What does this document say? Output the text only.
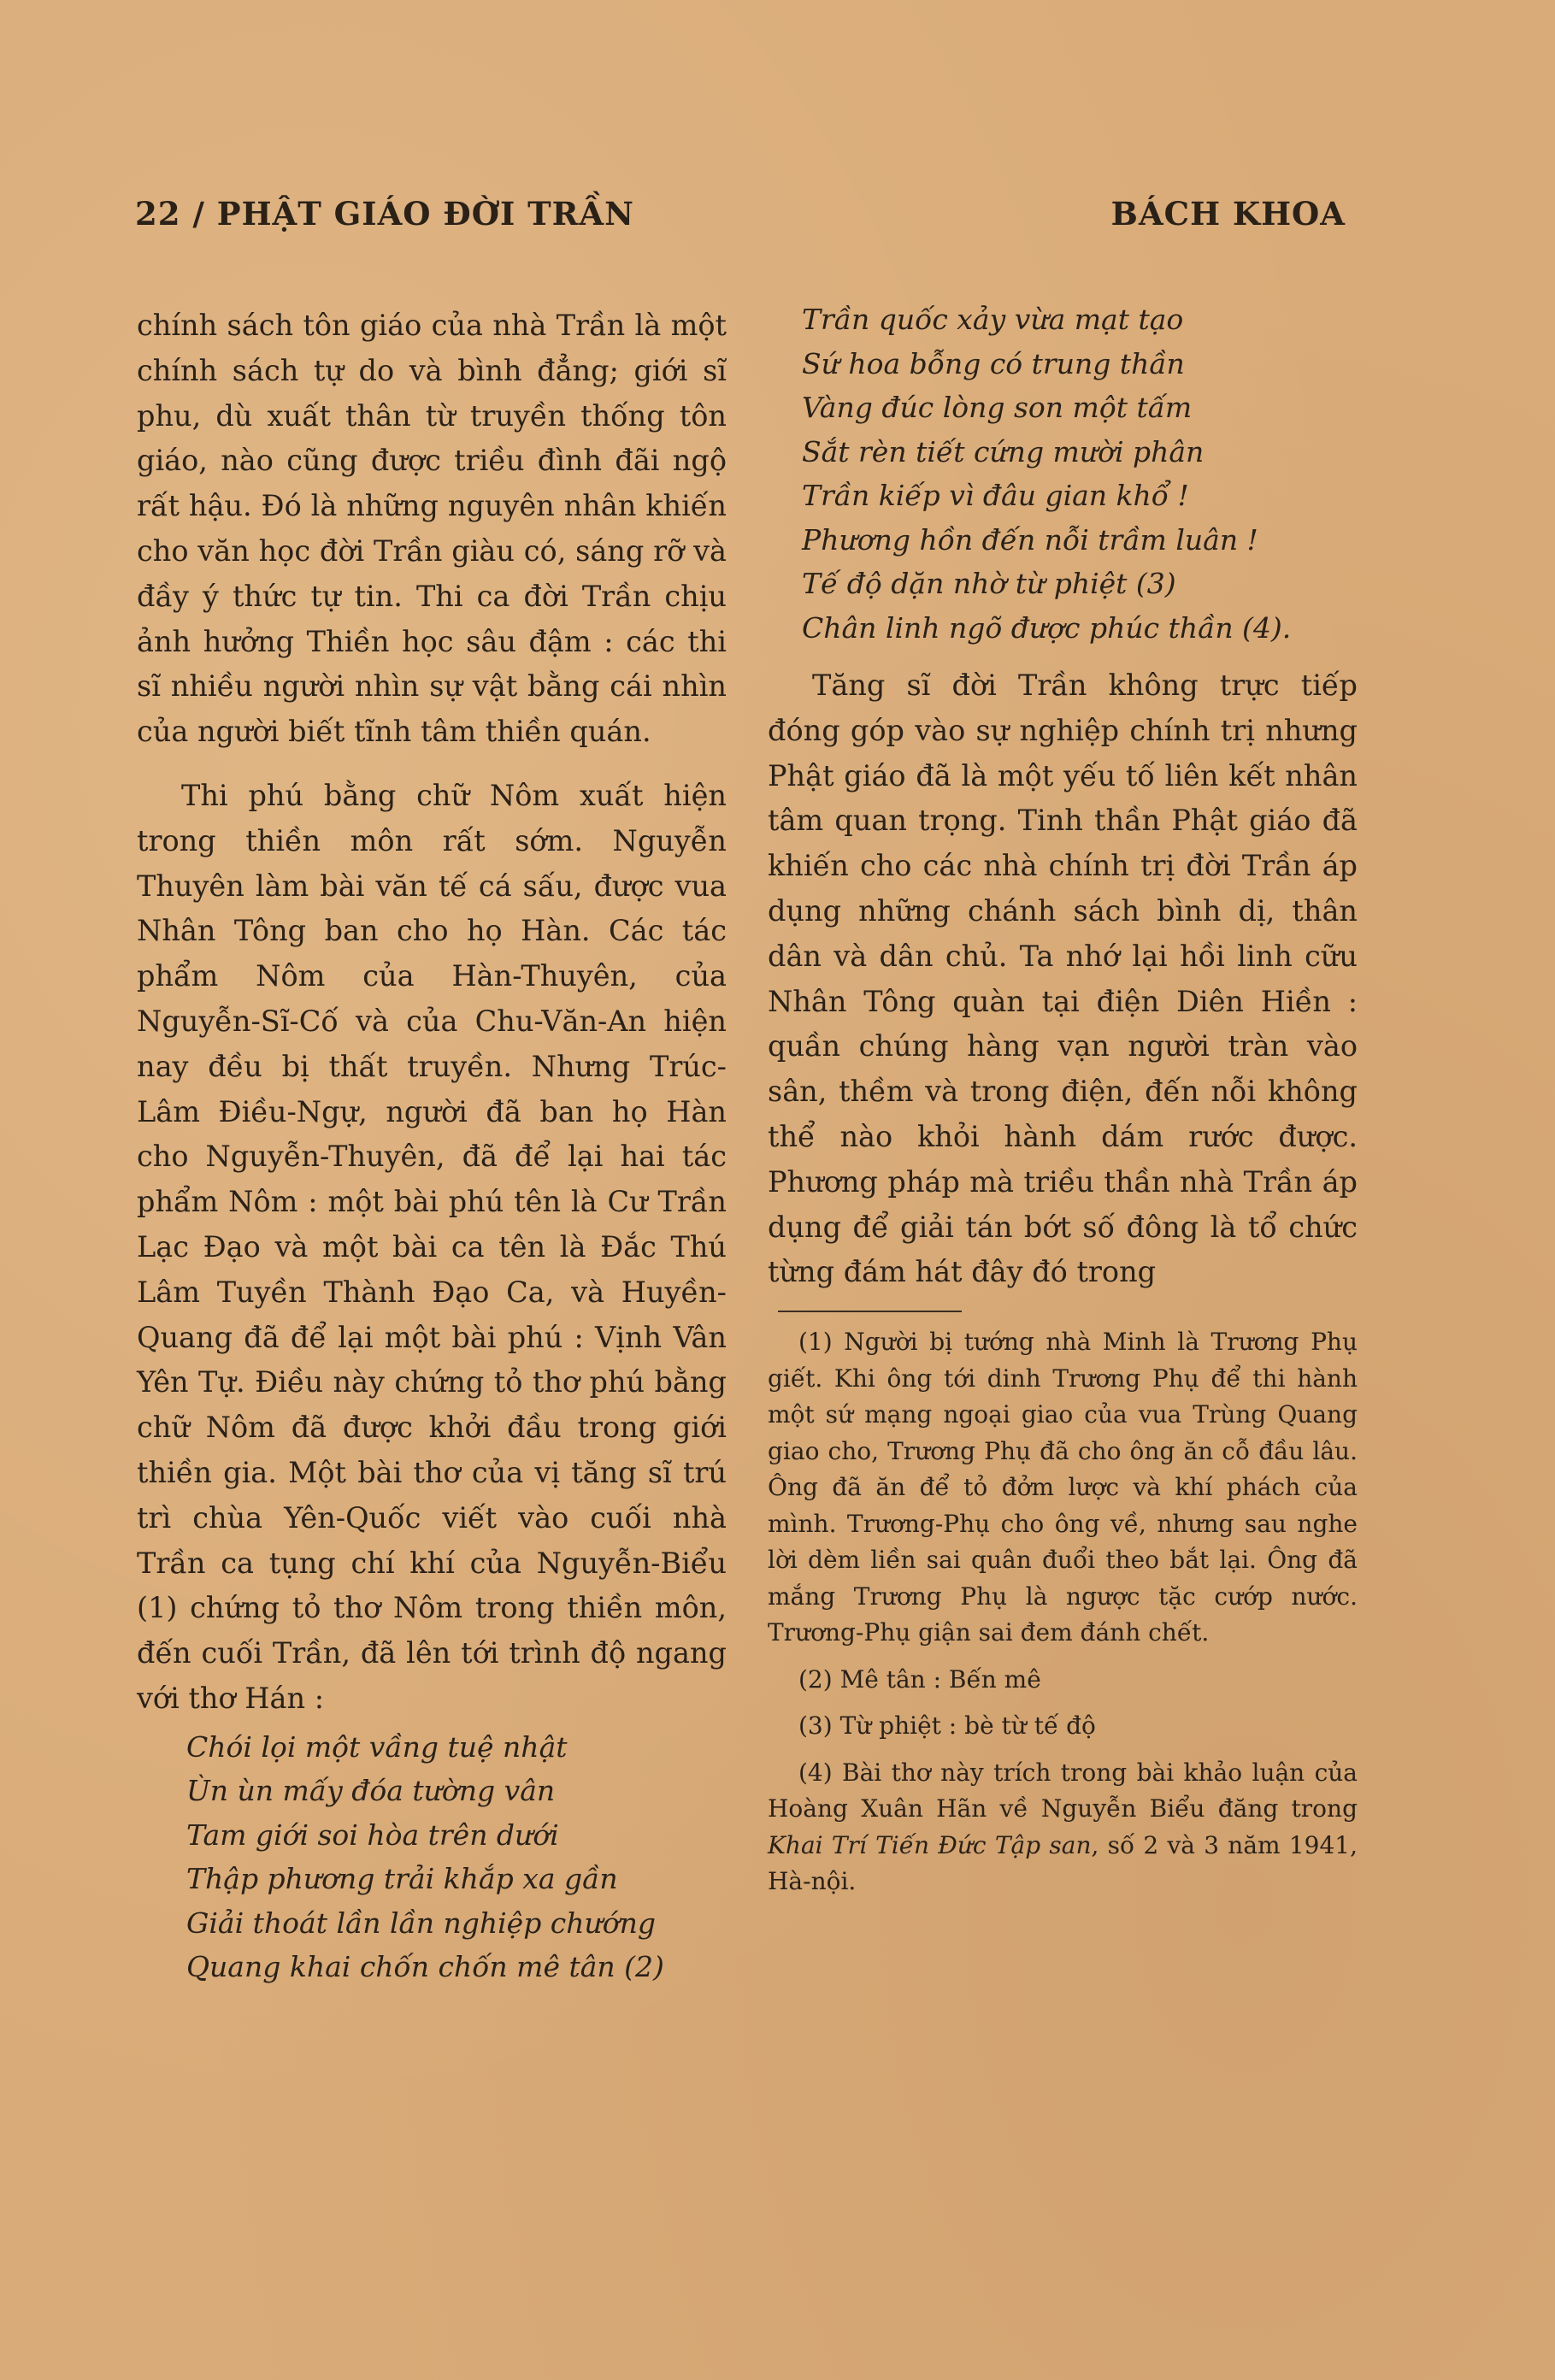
22 / PHẬT GIÁO ĐỜI TRẦN	BÁCH KHOA

chính sách tôn giáo của nhà Trần là một chính sách tự do và bình đẳng; giới sĩ phu, dù xuất thân từ truyền thống tôn giáo, nào cũng được triều đình đãi ngộ rất hậu. Đó là những nguyên nhân khiến cho văn học đời Trần giàu có, sáng rỡ và đầy ý thức tự tin. Thi ca đời Trần chịu ảnh hưởng Thiền học sâu đậm : các thi sĩ nhiều người nhìn sự vật bằng cái nhìn của người biết tĩnh tâm thiền quán.

Thi phú bằng chữ Nôm xuất hiện trong thiền môn rất sớm. Nguyễn Thuyên làm bài văn tế cá sấu, được vua Nhân Tông ban cho họ Hàn. Các tác phẩm Nôm của Hàn-Thuyên, của Nguyễn-Sĩ-Cố và của Chu-Văn-An hiện nay đều bị thất truyền. Nhưng Trúc-Lâm Điều-Ngự, người đã ban họ Hàn cho Nguyễn-Thuyên, đã để lại hai tác phẩm Nôm : một bài phú tên là Cư Trần Lạc Đạo và một bài ca tên là Đắc Thú Lâm Tuyền Thành Đạo Ca, và Huyền-Quang đã để lại một bài phú : Vịnh Vân Yên Tự. Điều này chứng tỏ thơ phú bằng chữ Nôm đã được khởi đầu trong giới thiền gia. Một bài thơ của vị tăng sĩ trú trì chùa Yên-Quốc viết vào cuối nhà Trần ca tụng chí khí của Nguyễn-Biểu (1) chứng tỏ thơ Nôm trong thiền môn, đến cuối Trần, đã lên tới trình độ ngang với thơ Hán :

Chói lọi một vầng tuệ nhật
Ùn ùn mấy đóa tường vân
Tam giới soi hòa trên dưới
Thập phương trải khắp xa gần
Giải thoát lần lần nghiệp chướng
Quang khai chốn chốn mê tân (2)
Trần quốc xảy vừa mạt tạo
Sứ hoa bỗng có trung thần
Vàng đúc lòng son một tấm
Sắt rèn tiết cứng mười phân
Trần kiếp vì đâu gian khổ !
Phương hồn đến nỗi trầm luân !
Tế độ dặn nhờ từ phiệt (3)
Chân linh ngõ được phúc thần (4).

Tăng sĩ đời Trần không trực tiếp đóng góp vào sự nghiệp chính trị nhưng Phật giáo đã là một yếu tố liên kết nhân tâm quan trọng. Tinh thần Phật giáo đã khiến cho các nhà chính trị đời Trần áp dụng những chánh sách bình dị, thân dân và dân chủ. Ta nhớ lại hồi linh cữu Nhân Tông quàn tại điện Diên Hiền : quần chúng hàng vạn người tràn vào sân, thềm và trong điện, đến nỗi không thể nào khỏi hành dám rước được. Phương pháp mà triều thần nhà Trần áp dụng để giải tán bớt số đông là tổ chức từng đám hát đây đó trong

(1) Người bị tướng nhà Minh là Trương Phụ giết. Khi ông tới dinh Trương Phụ để thi hành một sứ mạng ngoại giao của vua Trùng Quang giao cho, Trương Phụ đã cho ông ăn cỗ đầu lâu. Ông đã ăn để tỏ đởm lược và khí phách của mình. Trương-Phụ cho ông về, nhưng sau nghe lời dèm liền sai quân đuổi theo bắt lại. Ông đã mắng Trương Phụ là ngược tặc cướp nước. Trương-Phụ giận sai đem đánh chết.

(2) Mê tân : Bến mê

(3) Từ phiệt : bè từ tế độ

(4) Bài thơ này trích trong bài khảo luận của Hoàng Xuân Hãn về Nguyễn Biểu đăng trong Khai Trí Tiến Đức Tập san, số 2 và 3 năm 1941, Hà-nội.
